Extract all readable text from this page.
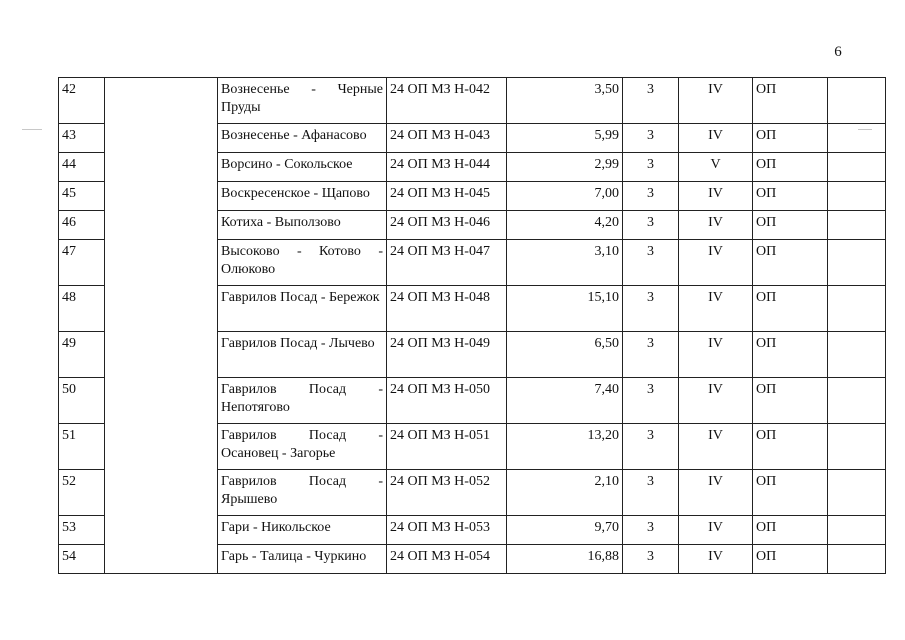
6
42		Вознесенье - Черные Пруды	24 ОП МЗ Н-042	3,50	3	IV	ОП	
43		Вознесенье - Афанасово	24 ОП МЗ Н-043	5,99	3	IV	ОП	
44		Ворсино - Сокольское	24 ОП МЗ Н-044	2,99	3	V	ОП	
45		Воскресенское - Щапово	24 ОП МЗ Н-045	7,00	3	IV	ОП	
46		Котиха - Выползово	24 ОП МЗ Н-046	4,20	3	IV	ОП	
47		Высоково - Котово - Олюково	24 ОП МЗ Н-047	3,10	3	IV	ОП	
48		Гаврилов Посад - Бережок	24 ОП МЗ Н-048	15,10	3	IV	ОП	
49		Гаврилов Посад - Лычево	24 ОП МЗ Н-049	6,50	3	IV	ОП	
50		Гаврилов Посад - Непотягово	24 ОП МЗ Н-050	7,40	3	IV	ОП	
51		Гаврилов Посад - Осановец - Загорье	24 ОП МЗ Н-051	13,20	3	IV	ОП	
52		Гаврилов Посад - Ярышево	24 ОП МЗ Н-052	2,10	3	IV	ОП	
53		Гари - Никольское	24 ОП МЗ Н-053	9,70	3	IV	ОП	
54		Гарь - Талица - Чуркино	24 ОП МЗ Н-054	16,88	3	IV	ОП	
